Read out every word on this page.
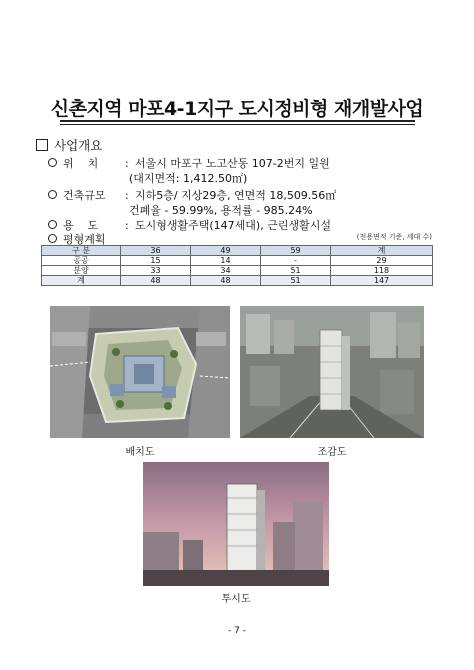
신촌지역 마포4-1지구 도시정비형 재개발사업
사업개요
위    치 : 서울시 마포구 노고산동 107-2번지 일원
(대지면적: 1,412.50㎡)
건축규모 : 지하5층/ 지상29층, 연면적 18,509.56㎡
건폐율 - 59.99%, 용적률 - 985.24%
용    도 : 도시형생활주택(147세대), 근린생활시설
평형계획	(전용면적 기준, 세대 수)
구 분	36	49	59	계
공공	15	14	-	29
분양	33	34	51	118
계	48	48	51	147
배치도	조감도
투시도
- 7 -
